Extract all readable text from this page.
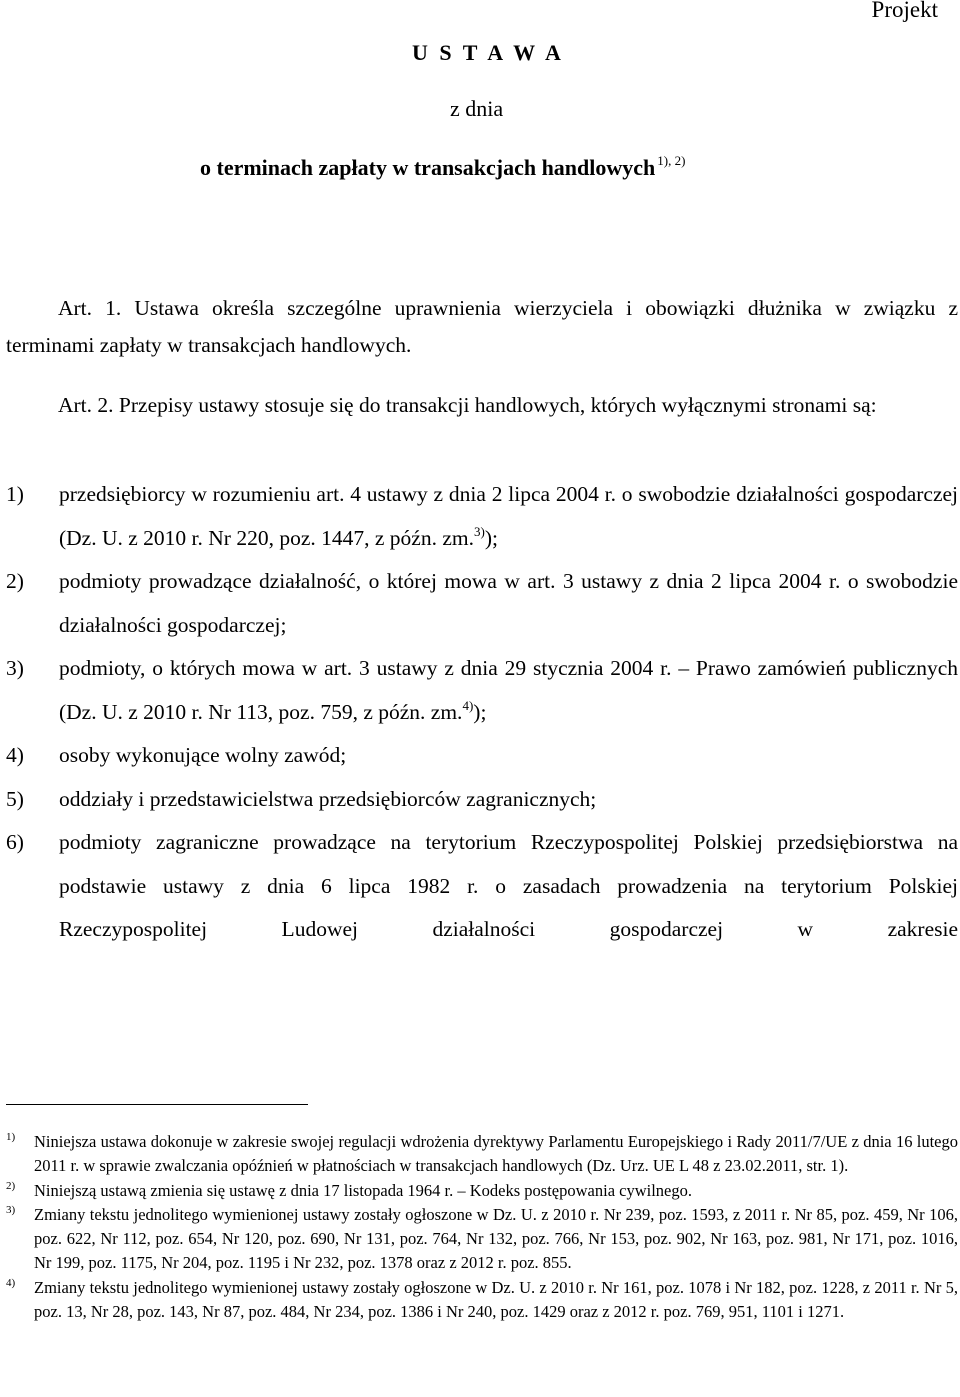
Projekt
U S T A W A
z dnia
o terminach zapłaty w transakcjach handlowych $^{1), 2)}$

Art. 1. Ustawa określa szczególne uprawnienia wierzyciela i obowiązki dłużnika w związku z terminami zapłaty w transakcjach handlowych.

Art. 2. Przepisy ustawy stosuje się do transakcji handlowych, których wyłącznymi stronami są:

1)	przedsiębiorcy w rozumieniu art. 4 ustawy z dnia 2 lipca 2004 r. o swobodzie działalności gospodarczej (Dz. U. z 2010 r. Nr 220, poz. 1447, z późn. zm.$^{3)}$);
2)	podmioty prowadzące działalność, o której mowa w art. 3 ustawy z dnia 2 lipca 2004 r. o swobodzie działalności gospodarczej;
3)	podmioty, o których mowa w art. 3 ustawy z dnia 29 stycznia 2004 r. – Prawo zamówień publicznych (Dz. U. z 2010 r. Nr 113, poz. 759, z późn. zm.$^{4)}$);
4)	osoby wykonujące wolny zawód;
5)	oddziały i przedstawicielstwa przedsiębiorców zagranicznych;
6)	podmioty zagraniczne prowadzące na terytorium Rzeczypospolitej Polskiej przedsiębiorstwa na podstawie ustawy z dnia 6 lipca 1982 r. o zasadach prowadzenia na terytorium Polskiej Rzeczypospolitej Ludowej działalności gospodarczej w zakresie
1)	Niniejsza ustawa dokonuje w zakresie swojej regulacji wdrożenia dyrektywy Parlamentu Europejskiego i Rady 2011/7/UE z dnia 16 lutego 2011 r. w sprawie zwalczania opóźnień w płatnościach w transakcjach handlowych (Dz. Urz. UE L 48 z 23.02.2011, str. 1).
2)	Niniejszą ustawą zmienia się ustawę z dnia 17 listopada 1964 r. – Kodeks postępowania cywilnego.
3)	Zmiany tekstu jednolitego wymienionej ustawy zostały ogłoszone w Dz. U. z 2010 r. Nr 239, poz. 1593, z 2011 r. Nr 85, poz. 459, Nr 106, poz. 622, Nr 112, poz. 654, Nr 120, poz. 690, Nr 131, poz. 764, Nr 132, poz. 766, Nr 153, poz. 902, Nr 163, poz. 981, Nr 171, poz. 1016, Nr 199, poz. 1175, Nr 204, poz. 1195 i Nr 232, poz. 1378 oraz z 2012 r. poz. 855.
4)	Zmiany tekstu jednolitego wymienionej ustawy zostały ogłoszone w Dz. U. z 2010 r. Nr 161, poz. 1078 i Nr 182, poz. 1228, z 2011 r. Nr 5, poz. 13, Nr 28, poz. 143, Nr 87, poz. 484, Nr 234, poz. 1386 i Nr 240, poz. 1429 oraz z 2012 r. poz. 769, 951, 1101 i 1271.
